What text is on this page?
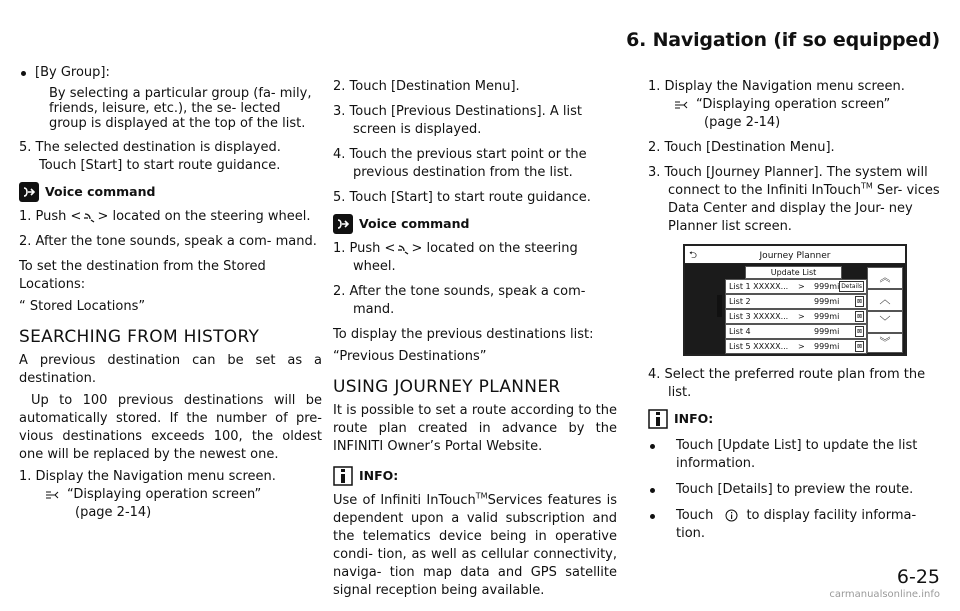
6. Navigation (if so equipped)
[By Group]:
By selecting a particular group (fa- mily, friends, leisure, etc.), the se- lected group is displayed at the top of the list.
5. The selected destination is displayed. Touch [Start] to start route guidance.
Voice command
1. Push < > located on the steering wheel.
2. After the tone sounds, speak a com- mand.
To set the destination from the Stored Locations:
“ Stored Locations”
SEARCHING FROM HISTORY
A previous destination can be set as a destination.
Up to 100 previous destinations will be automatically stored. If the number of pre- vious destinations exceeds 100, the oldest one will be replaced by the newest one.
1. Display the Navigation menu screen.
“Displaying operation screen”
(page 2-14)
2. Touch [Destination Menu].
3. Touch [Previous Destinations]. A list screen is displayed.
4. Touch the previous start point or the previous destination from the list.
5. Touch [Start] to start route guidance.
Voice command
1. Push < > located on the steering wheel.
2. After the tone sounds, speak a com- mand.
To display the previous destinations list:
“Previous Destinations”
USING JOURNEY PLANNER
It is possible to set a route according to the route plan created in advance by the INFINITI Owner’s Portal Website.
INFO:
Use of Infiniti InTouch™Services features is dependent upon a valid subscription and the telematics device being in operative condi- tion, as well as cellular connectivity, naviga- tion map data and GPS satellite signal reception being available.
1. Display the Navigation menu screen.
“Displaying operation screen”
(page 2-14)
2. Touch [Destination Menu].
3. Touch [Journey Planner]. The system will connect to the Infiniti InTouch™ Ser- vices Data Center and display the Jour- ney Planner list screen.
⮌	Journey Planner
Update List
List 1 XXXXX... > 999mi Details
List 2	999mi	⊠
List 3 XXXXX... > 999mi	⊠
List 4	999mi	⊠
List 5 XXXXX... > 999mi	⊠
︽
︿
﹀
︾
4. Select the preferred route plan from the list.
INFO:
Touch [Update List] to update the list information.
Touch [Details] to preview the route.
Touch	to display facility informa- tion.
6-25
carmanualsonline.info
